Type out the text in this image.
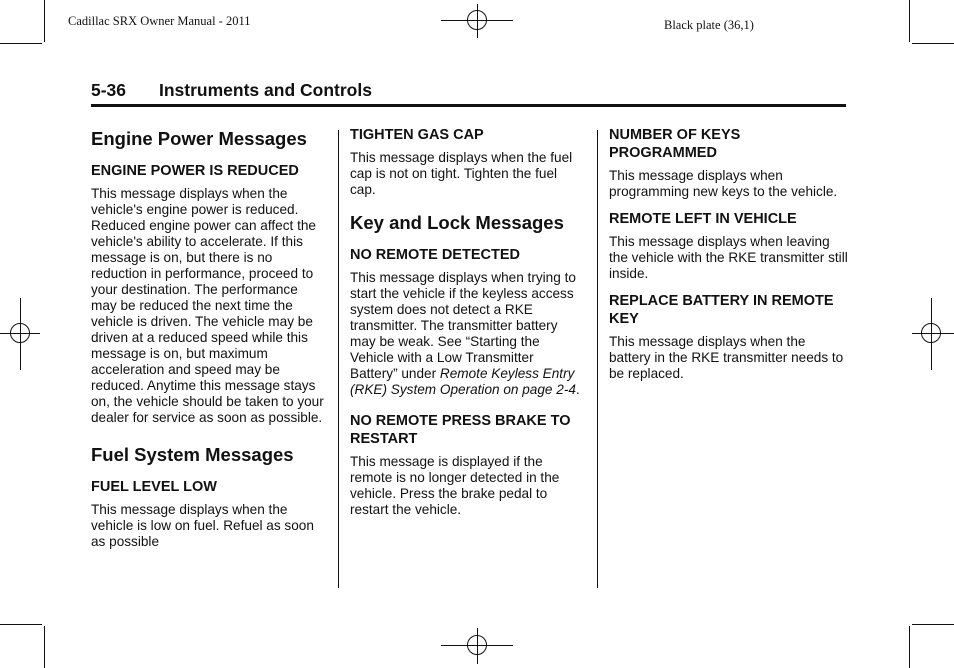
Cadillac SRX Owner Manual - 2011	Black plate (36,1)
5-36 Instruments and Controls
Engine Power Messages
ENGINE POWER IS REDUCED
This message displays when the vehicle's engine power is reduced. Reduced engine power can affect the vehicle's ability to accelerate. If this message is on, but there is no reduction in performance, proceed to your destination. The performance may be reduced the next time the vehicle is driven. The vehicle may be driven at a reduced speed while this message is on, but maximum acceleration and speed may be reduced. Anytime this message stays on, the vehicle should be taken to your dealer for service as soon as possible.
Fuel System Messages
FUEL LEVEL LOW
This message displays when the vehicle is low on fuel. Refuel as soon as possible
TIGHTEN GAS CAP
This message displays when the fuel cap is not on tight. Tighten the fuel cap.
Key and Lock Messages
NO REMOTE DETECTED
This message displays when trying to start the vehicle if the keyless access system does not detect a RKE transmitter. The transmitter battery may be weak. See “Starting the Vehicle with a Low Transmitter Battery” under Remote Keyless Entry (RKE) System Operation on page 2-4.
NO REMOTE PRESS BRAKE TO RESTART
This message is displayed if the remote is no longer detected in the vehicle. Press the brake pedal to restart the vehicle.
NUMBER OF KEYS PROGRAMMED
This message displays when programming new keys to the vehicle.
REMOTE LEFT IN VEHICLE
This message displays when leaving the vehicle with the RKE transmitter still inside.
REPLACE BATTERY IN REMOTE KEY
This message displays when the battery in the RKE transmitter needs to be replaced.
